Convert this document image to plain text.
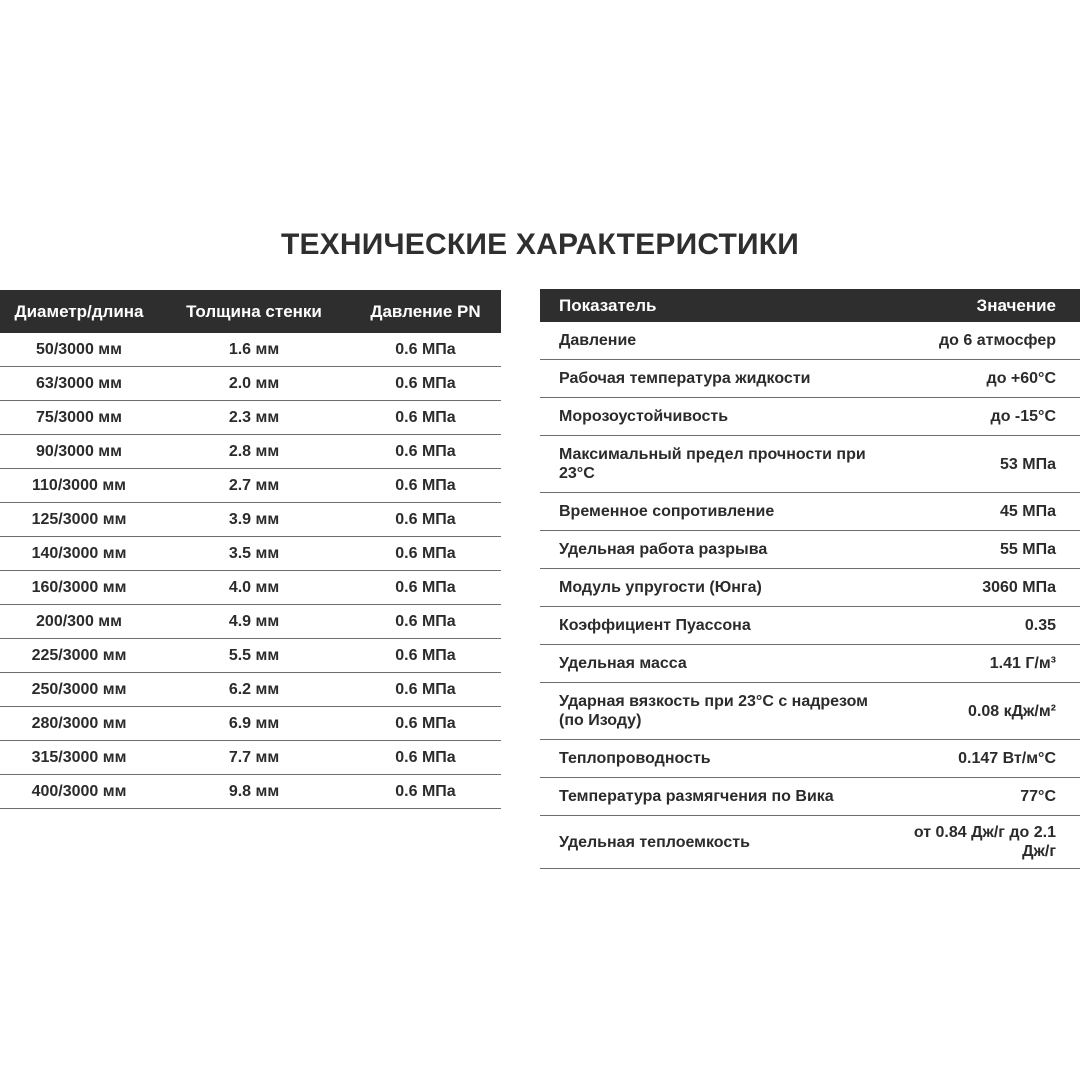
ТЕХНИЧЕСКИЕ ХАРАКТЕРИСТИКИ
Диаметр/длина	Толщина стенки	Давление PN
50/3000 мм	1.6 мм	0.6 МПа
63/3000 мм	2.0 мм	0.6 МПа
75/3000 мм	2.3 мм	0.6 МПа
90/3000 мм	2.8 мм	0.6 МПа
110/3000 мм	2.7 мм	0.6 МПа
125/3000 мм	3.9 мм	0.6 МПа
140/3000 мм	3.5 мм	0.6 МПа
160/3000 мм	4.0 мм	0.6 МПа
200/300 мм	4.9 мм	0.6 МПа
225/3000 мм	5.5 мм	0.6 МПа
250/3000 мм	6.2 мм	0.6 МПа
280/3000 мм	6.9 мм	0.6 МПа
315/3000 мм	7.7 мм	0.6 МПа
400/3000 мм	9.8 мм	0.6 МПа
Показатель	Значение
Давление	до 6 атмосфер
Рабочая температура жидкости	до +60°C
Морозоустойчивость	до -15°C
Максимальный предел прочности при 23°C	53 МПа
Временное сопротивление	45 МПа
Удельная работа разрыва	55 МПа
Модуль упругости (Юнга)	3060 МПа
Коэффициент Пуассона	0.35
Удельная масса	1.41 Г/м³
Ударная вязкость при 23°C с надрезом (по Изоду)	0.08 кДж/м²
Теплопроводность	0.147 Вт/м°C
Температура размягчения по Вика	77°C
Удельная теплоемкость	от 0.84 Дж/г до 2.1 Дж/г
